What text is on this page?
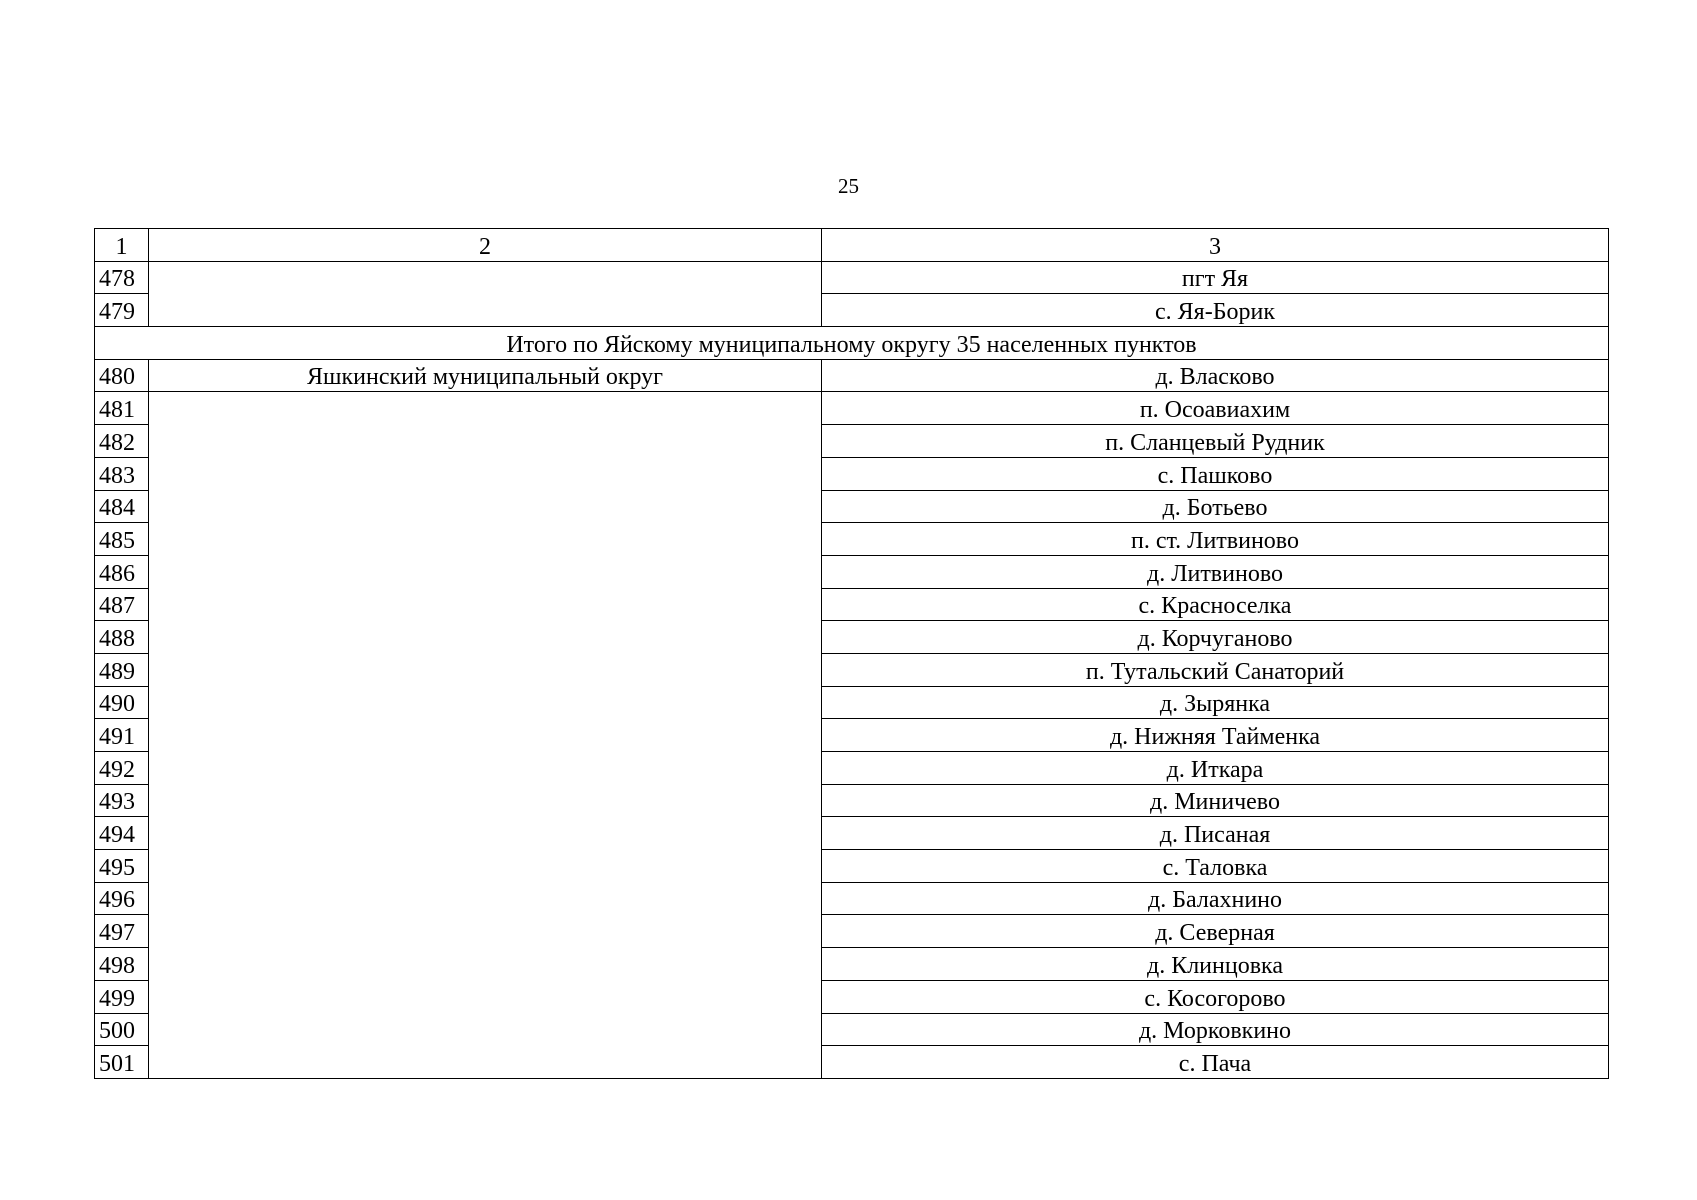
25
1	2	3
478		пгт Яя
479		с. Яя-Борик
Итого по Яйскому муниципальному округу 35 населенных пунктов		
480	Яшкинский муниципальный округ	д. Власково
481		п. Осоавиахим
482		п. Сланцевый Рудник
483		с. Пашково
484		д. Ботьево
485		п. ст. Литвиново
486		д. Литвиново
487		с. Красноселка
488		д. Корчуганово
489		п. Тутальский Санаторий
490		д. Зырянка
491		д. Нижняя Тайменка
492		д. Иткара
493		д. Миничево
494		д. Писаная
495		с. Таловка
496		д. Балахнино
497		д. Северная
498		д. Клинцовка
499		с. Косогорово
500		д. Морковкино
501		с. Пача
